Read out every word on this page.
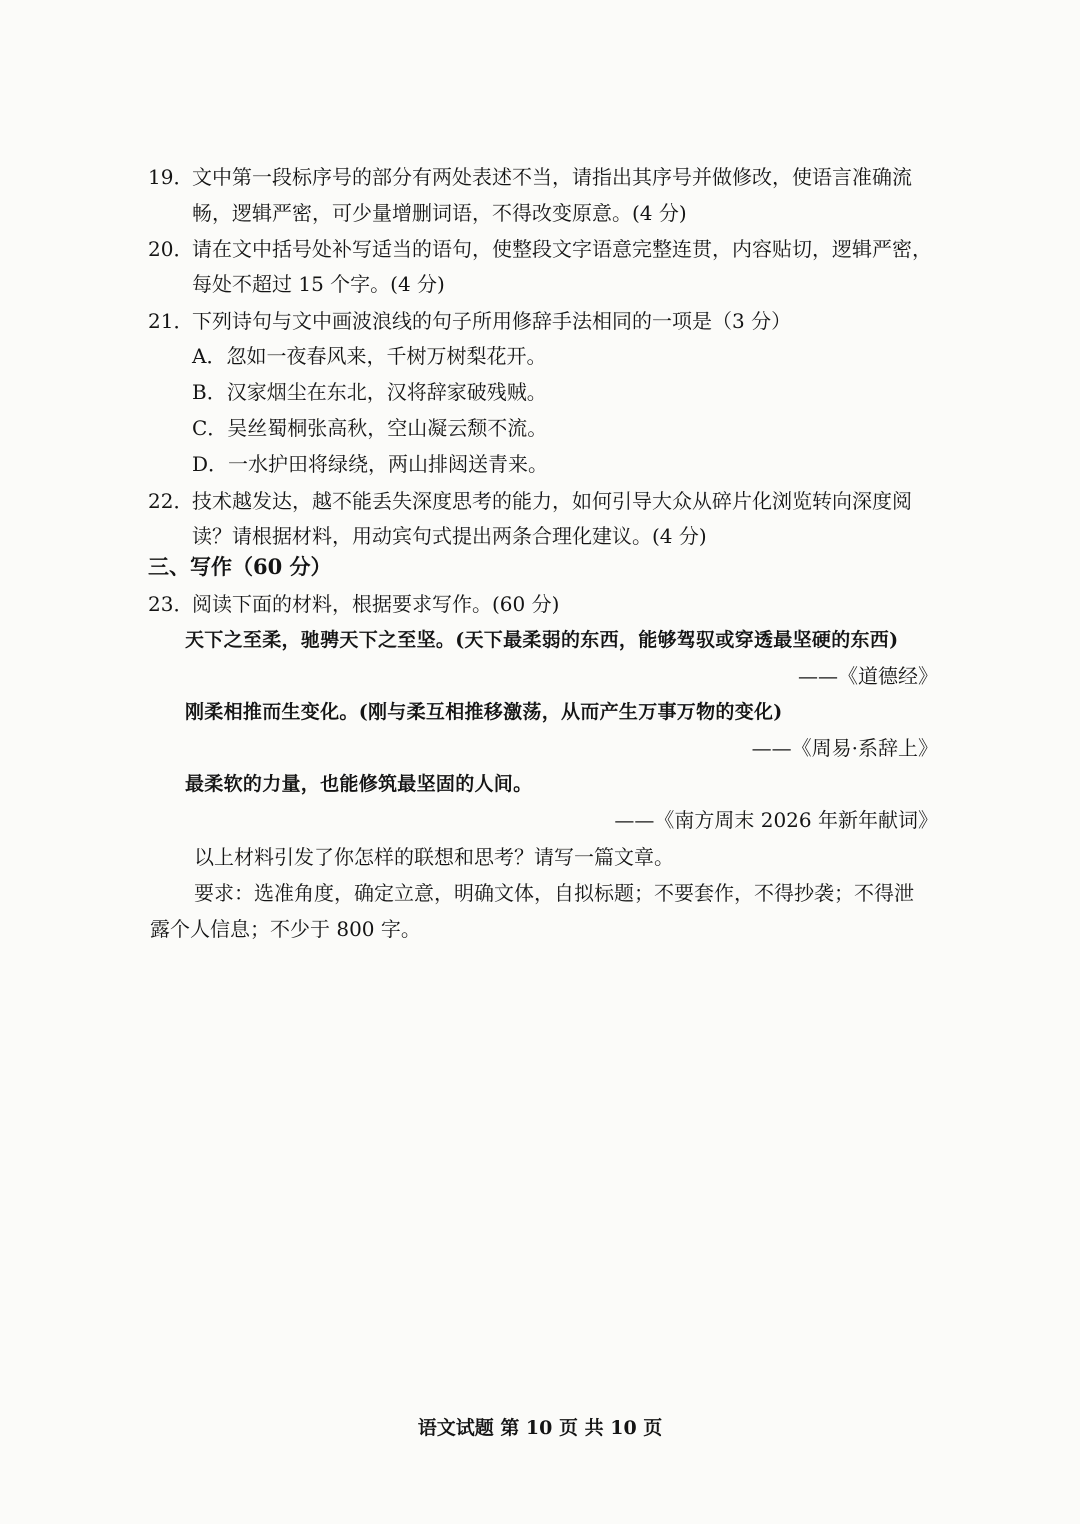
19．文中第一段标序号的部分有两处表述不当，请指出其序号并做修改，使语言准确流
畅，逻辑严密，可少量增删词语，不得改变原意。(4 分)
20．请在文中括号处补写适当的语句，使整段文字语意完整连贯，内容贴切，逻辑严密，
每处不超过 15 个字。(4 分)
21．下列诗句与文中画波浪线的句子所用修辞手法相同的一项是（3 分）
A．忽如一夜春风来，千树万树梨花开。
B．汉家烟尘在东北，汉将辞家破残贼。
C．吴丝蜀桐张高秋，空山凝云颓不流。
D．一水护田将绿绕，两山排闼送青来。
22．技术越发达，越不能丢失深度思考的能力，如何引导大众从碎片化浏览转向深度阅
读？请根据材料，用动宾句式提出两条合理化建议。(4 分)
三、写作（60 分）
23．阅读下面的材料，根据要求写作。(60 分)
天下之至柔，驰骋天下之至坚。(天下最柔弱的东西，能够驾驭或穿透最坚硬的东西)
——《道德经》
刚柔相推而生变化。(刚与柔互相推移激荡，从而产生万事万物的变化)
——《周易·系辞上》
最柔软的力量，也能修筑最坚固的人间。
——《南方周末 2026 年新年献词》
以上材料引发了你怎样的联想和思考？请写一篇文章。
要求：选准角度，确定立意，明确文体，自拟标题；不要套作，不得抄袭；不得泄
露个人信息；不少于 800 字。
语文试题 第 10 页 共 10 页
